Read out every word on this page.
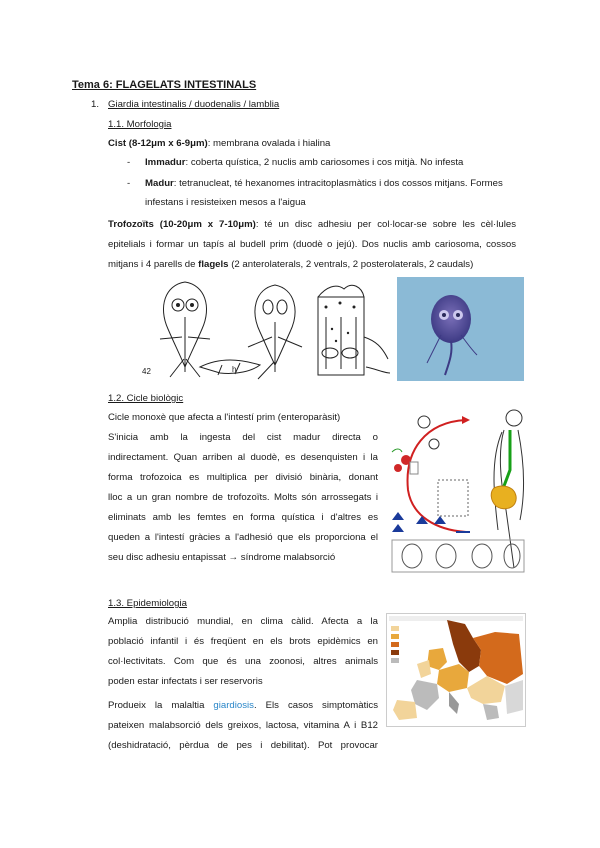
Tema 6: FLAGELATS INTESTINALS
1. Giardia intestinalis / duodenalis / lamblia
1.1. Morfologia
Cist (8-12μm x 6-9μm): membrana ovalada i hialina
- Immadur: coberta quística, 2 nuclis amb cariosomes i cos mitjà. No infesta
- Madur: tetranucleat, té hexanomes intracitoplasmàtics i dos cossos mitjans. Formes
infestans i resisteixen mesos a l'aigua
Trofozoïts (10-20μm x 7-10μm): té un disc adhesiu per col·locar-se sobre les cèl·lules
epitelials i formar un tapís al budell prim (duodè o jejú). Dos nuclis amb cariosoma, cossos
mitjans i 4 parells de flagels (2 anterolaterals, 2 ventrals, 2 posterolaterals, 2 caudals)
42	h
1.2. Cicle biològic
Cicle monoxè que afecta a l'intestí prim (enteroparàsit)
S'inicia amb la ingesta del cist madur directa o
indirectament. Quan arriben al duodè, es desenquisten i la
forma trofozoica es multiplica per divisió binària, donant
lloc a un gran nombre de trofozoïts. Molts són arrossegats i
eliminats amb les femtes en forma quística i d'altres es
queden a l'intestí gràcies a l'adhesió que els proporciona el
seu disc adhesiu entapissat → síndrome malabsorció
1.3. Epidemiologia
Amplia distribució mundial, en clima càlid. Afecta a la
població infantil i és freqüent en els brots epidèmics en
col·lectivitats. Com que és una zoonosi, altres animals
poden estar infectats i ser reservoris
Produeix la malaltia giardiosis. Els casos simptomàtics
pateixen malabsorció dels greixos, lactosa, vitamina A i B12
(deshidratació, pèrdua de pes i debilitat). Pot provocar
